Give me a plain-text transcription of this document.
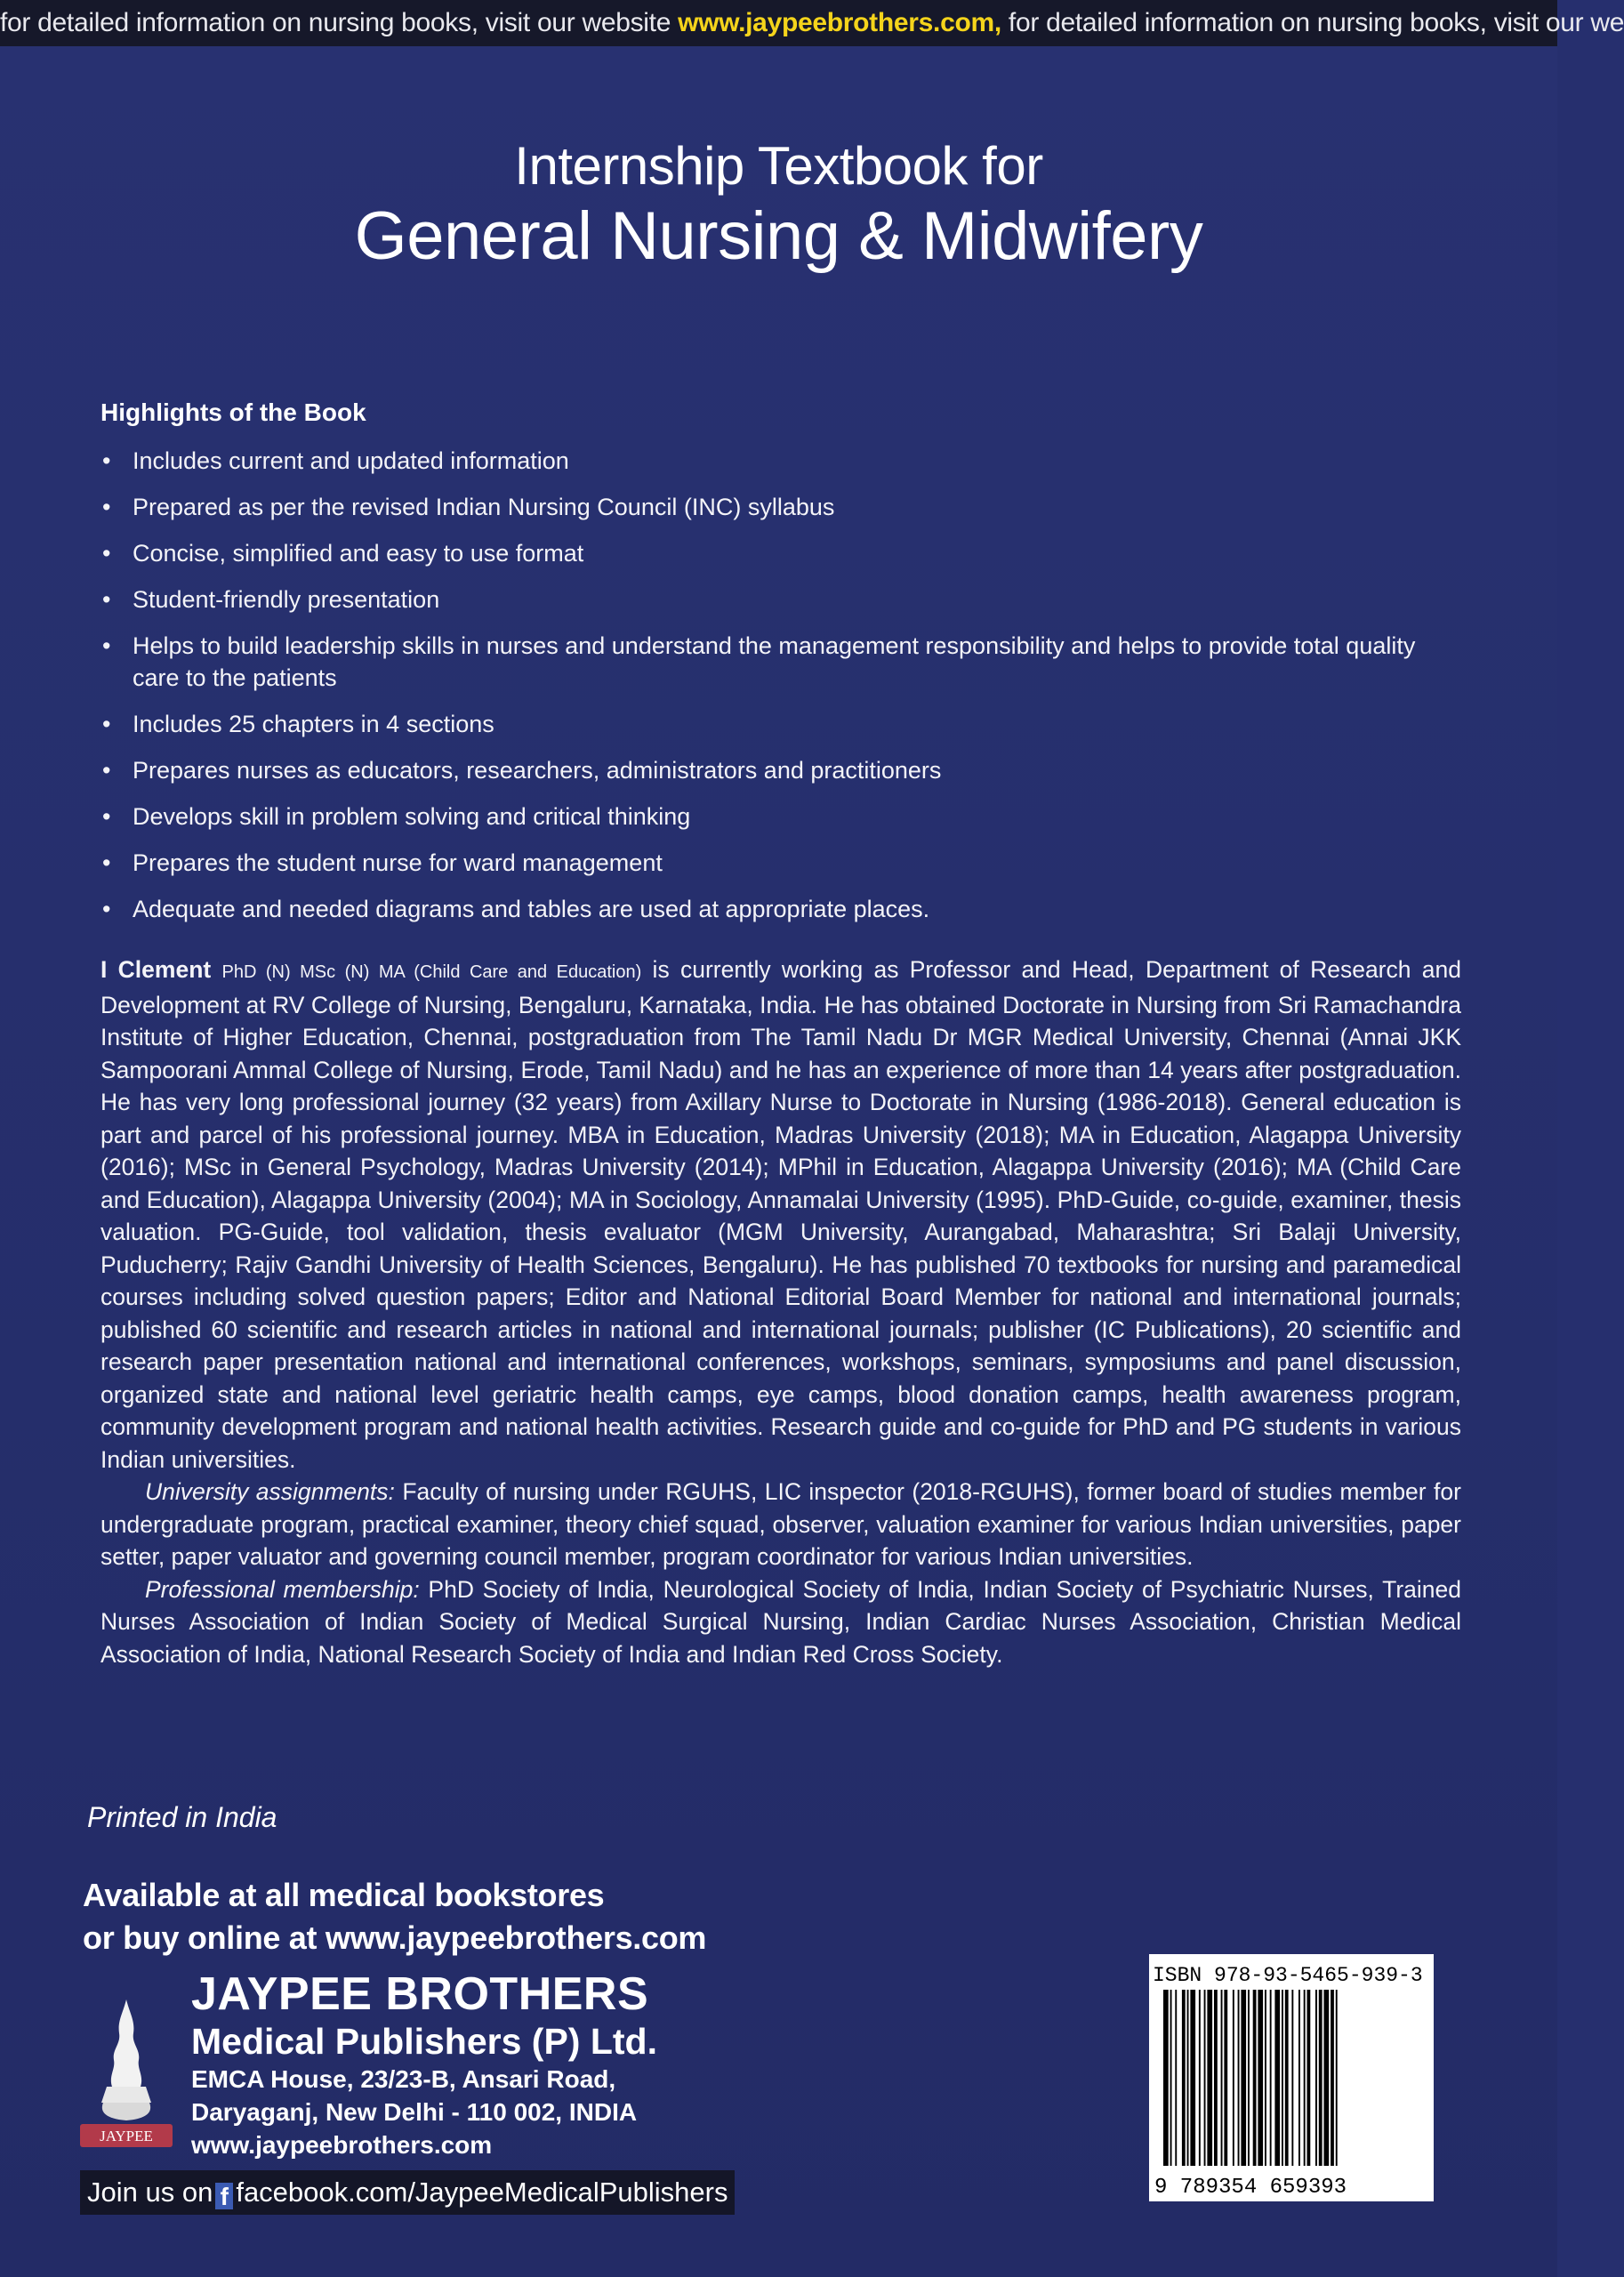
for detailed information on nursing books, visit our website www.jaypeebrothers.com, for detailed information on nursing books, visit our we
Internship Textbook for
General Nursing & Midwifery
Highlights of the Book
• Includes current and updated information
• Prepared as per the revised Indian Nursing Council (INC) syllabus
• Concise, simplified and easy to use format
• Student-friendly presentation
• Helps to build leadership skills in nurses and understand the management responsibility and helps to provide total quality care to the patients
• Includes 25 chapters in 4 sections
• Prepares nurses as educators, researchers, administrators and practitioners
• Develops skill in problem solving and critical thinking
• Prepares the student nurse for ward management
• Adequate and needed diagrams and tables are used at appropriate places.

I Clement PhD (N) MSc (N) MA (Child Care and Education) is currently working as Professor and Head, Department of Research and Development at RV College of Nursing, Bengaluru, Karnataka, India. He has obtained Doctorate in Nursing from Sri Ramachandra Institute of Higher Education, Chennai, postgraduation from The Tamil Nadu Dr MGR Medical University, Chennai (Annai JKK Sampoorani Ammal College of Nursing, Erode, Tamil Nadu) and he has an experience of more than 14 years after postgraduation. He has very long professional journey (32 years) from Axillary Nurse to Doctorate in Nursing (1986-2018). General education is part and parcel of his professional journey. MBA in Education, Madras University (2018); MA in Education, Alagappa University (2016); MSc in General Psychology, Madras University (2014); MPhil in Education, Alagappa University (2016); MA (Child Care and Education), Alagappa University (2004); MA in Sociology, Annamalai University (1995). PhD-Guide, co-guide, examiner, thesis valuation. PG-Guide, tool validation, thesis evaluator (MGM University, Aurangabad, Maharashtra; Sri Balaji University, Puducherry; Rajiv Gandhi University of Health Sciences, Bengaluru). He has published 70 textbooks for nursing and paramedical courses including solved question papers; Editor and National Editorial Board Member for national and international journals; published 60 scientific and research articles in national and international journals; publisher (IC Publications), 20 scientific and research paper presentation national and international conferences, workshops, seminars, symposiums and panel discussion, organized state and national level geriatric health camps, eye camps, blood donation camps, health awareness program, community development program and national health activities. Research guide and co-guide for PhD and PG students in various Indian universities.

University assignments: Faculty of nursing under RGUHS, LIC inspector (2018-RGUHS), former board of studies member for undergraduate program, practical examiner, theory chief squad, observer, valuation examiner for various Indian universities, paper setter, paper valuator and governing council member, program coordinator for various Indian universities.

Professional membership: PhD Society of India, Neurological Society of India, Indian Society of Psychiatric Nurses, Trained Nurses Association of Indian Society of Medical Surgical Nursing, Indian Cardiac Nurses Association, Christian Medical Association of India, National Research Society of India and Indian Red Cross Society.

Printed in India
Available at all medical bookstores
or buy online at www.jaypeebrothers.com
JAYPEE
JAYPEE BROTHERS
Medical Publishers (P) Ltd.
EMCA House, 23/23-B, Ansari Road,
Daryaganj, New Delhi - 110 002, INDIA
www.jaypeebrothers.com
Join us on f facebook.com/JaypeeMedicalPublishers
ISBN 978-93-5465-939-3
9 789354 659393
